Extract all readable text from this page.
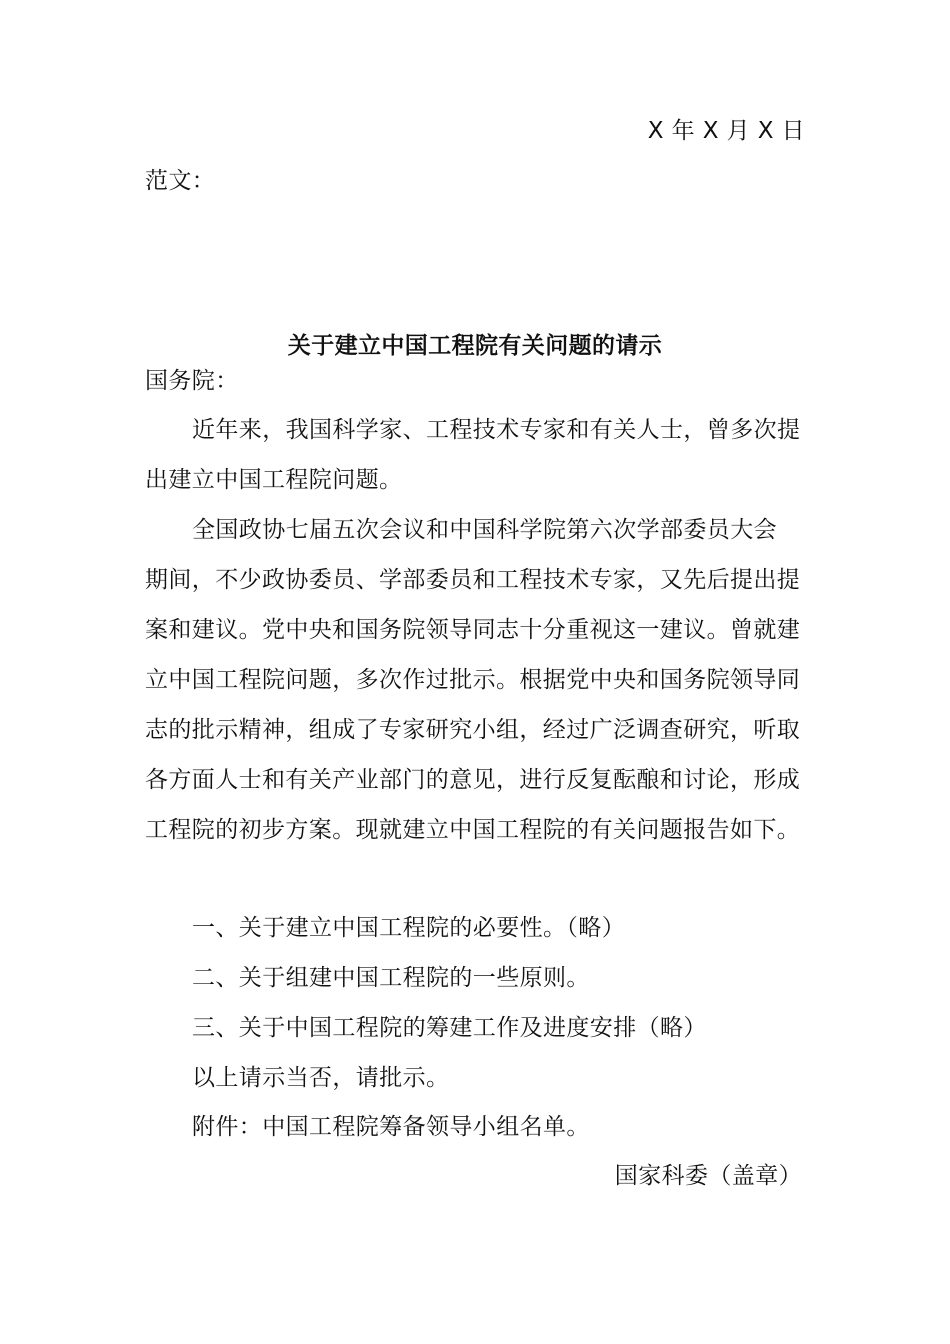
X 年 X 月 X 日
范文：
关于建立中国工程院有关问题的请示
国务院：
近年来，我国科学家、工程技术专家和有关人士，曾多次提
出建立中国工程院问题。
全国政协七届五次会议和中国科学院第六次学部委员大会
期间，不少政协委员、学部委员和工程技术专家，又先后提出提
案和建议。党中央和国务院领导同志十分重视这一建议。曾就建
立中国工程院问题，多次作过批示。根据党中央和国务院领导同
志的批示精神，组成了专家研究小组，经过广泛调查研究，听取
各方面人士和有关产业部门的意见，进行反复酝酿和讨论，形成
工程院的初步方案。现就建立中国工程院的有关问题报告如下。
一、关于建立中国工程院的必要性。（略）
二、关于组建中国工程院的一些原则。
三、关于中国工程院的筹建工作及进度安排（略）
以上请示当否，请批示。
附件：中国工程院筹备领导小组名单。
国家科委（盖章）
